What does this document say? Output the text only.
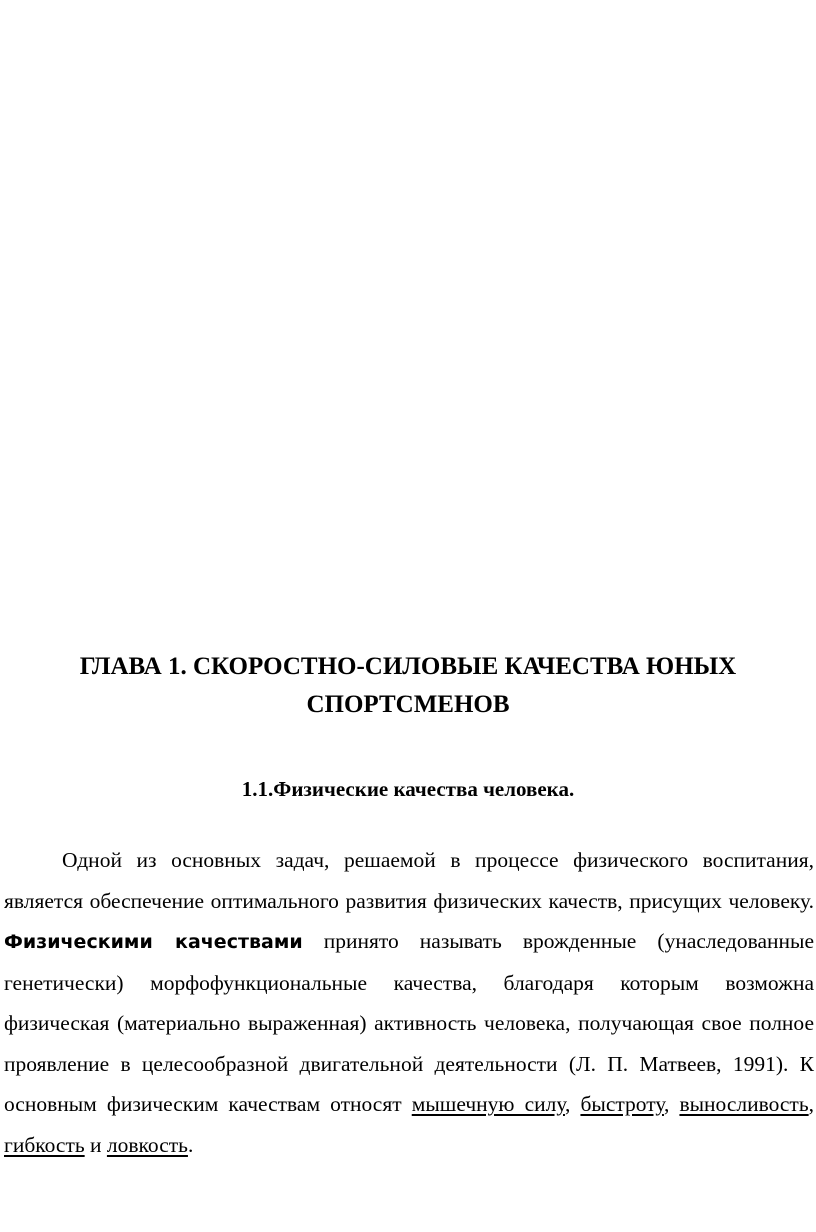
ГЛАВА 1. СКОРОСТНО-СИЛОВЫЕ КАЧЕСТВА ЮНЫХ
СПОРТСМЕНОВ
1.1.Физические качества человека.

Одной из основных задач, решаемой в процессе физического воспитания, является обеспечение оптимального развития физических качеств, присущих человеку. Физическими качествами принято называть врожденные (унаследованные генетически) морфофункциональные качества, благодаря которым возможна физическая (материально выраженная) активность человека, получающая свое полное проявление в целесообразной двигательной деятельности (Л. П. Матвеев, 1991). К основным физическим качествам относят мышечную силу, быстроту, выносливость, гибкость и ловкость.
